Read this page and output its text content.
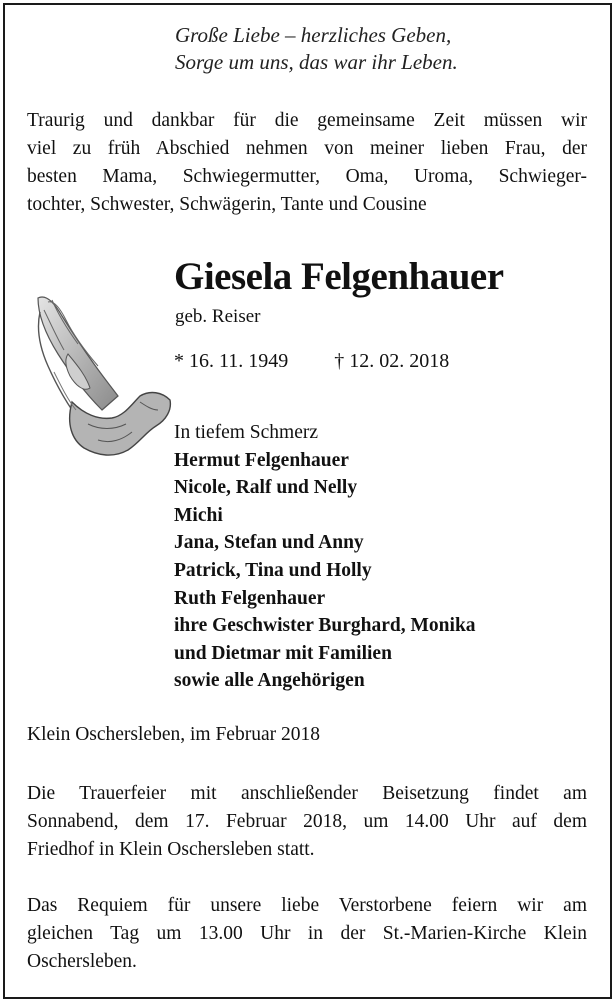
Große Liebe – herzliches Geben,
Sorge um uns, das war ihr Leben.
Traurig und dankbar für die gemeinsame Zeit müssen wir
viel zu früh Abschied nehmen von meiner lieben Frau, der
besten Mama, Schwiegermutter, Oma, Uroma, Schwieger-
tochter, Schwester, Schwägerin, Tante und Cousine
Giesela Felgenhauer
geb. Reiser
* 16. 11. 1949 † 12. 02. 2018
In tiefem Schmerz
Hermut Felgenhauer
Nicole, Ralf und Nelly
Michi
Jana, Stefan und Anny
Patrick, Tina und Holly
Ruth Felgenhauer
ihre Geschwister Burghard, Monika
und Dietmar mit Familien
sowie alle Angehörigen
Klein Oschersleben, im Februar 2018
Die Trauerfeier mit anschließender Beisetzung findet am
Sonnabend, dem 17. Februar 2018, um 14.00 Uhr auf dem
Friedhof in Klein Oschersleben statt.
Das Requiem für unsere liebe Verstorbene feiern wir am
gleichen Tag um 13.00 Uhr in der St.-Marien-Kirche Klein
Oschersleben.
